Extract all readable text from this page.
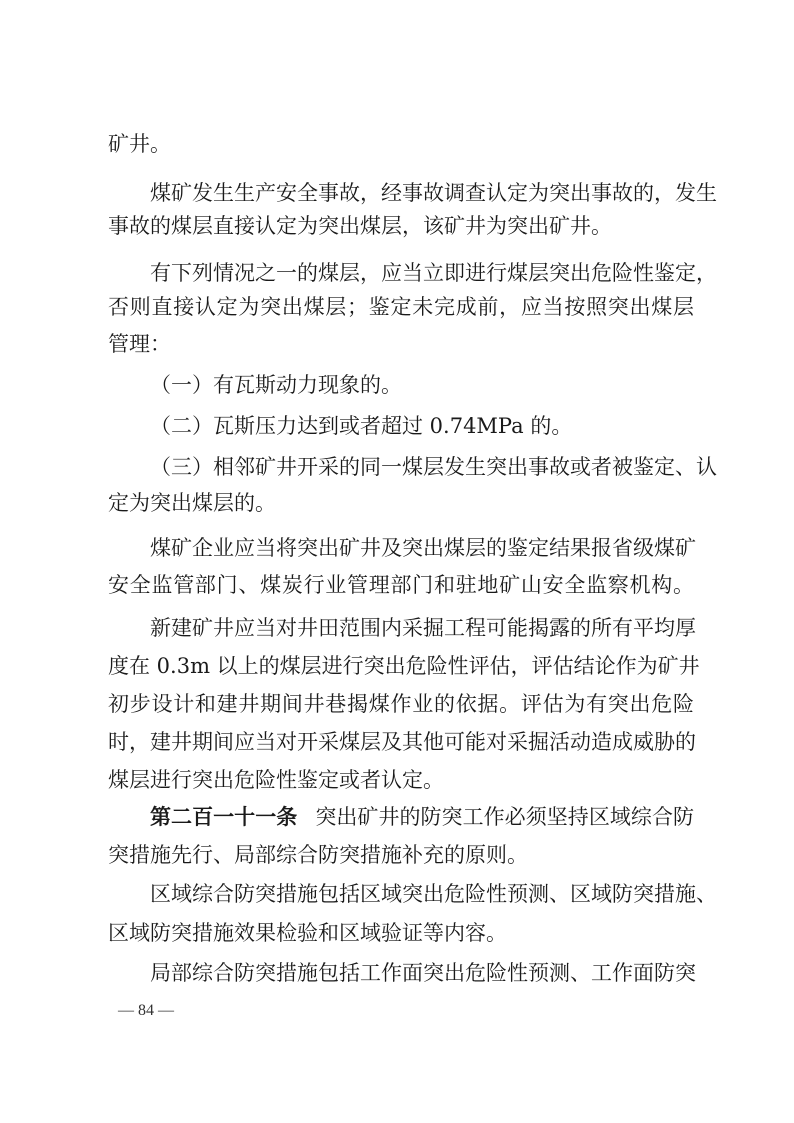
矿井。
煤矿发生生产安全事故，经事故调查认定为突出事故的，发生
事故的煤层直接认定为突出煤层，该矿井为突出矿井。
有下列情况之一的煤层，应当立即进行煤层突出危险性鉴定，
否则直接认定为突出煤层；鉴定未完成前，应当按照突出煤层
管理：
（一）有瓦斯动力现象的。
（二）瓦斯压力达到或者超过 0.74MPa 的。
（三）相邻矿井开采的同一煤层发生突出事故或者被鉴定、认
定为突出煤层的。
煤矿企业应当将突出矿井及突出煤层的鉴定结果报省级煤矿
安全监管部门、煤炭行业管理部门和驻地矿山安全监察机构。
新建矿井应当对井田范围内采掘工程可能揭露的所有平均厚
度在 0.3m 以上的煤层进行突出危险性评估，评估结论作为矿井
初步设计和建井期间井巷揭煤作业的依据。评估为有突出危险
时，建井期间应当对开采煤层及其他可能对采掘活动造成威胁的
煤层进行突出危险性鉴定或者认定。
第二百一十一条 突出矿井的防突工作必须坚持区域综合防
突措施先行、局部综合防突措施补充的原则。
区域综合防突措施包括区域突出危险性预测、区域防突措施、
区域防突措施效果检验和区域验证等内容。
局部综合防突措施包括工作面突出危险性预测、工作面防突
— 84 —
